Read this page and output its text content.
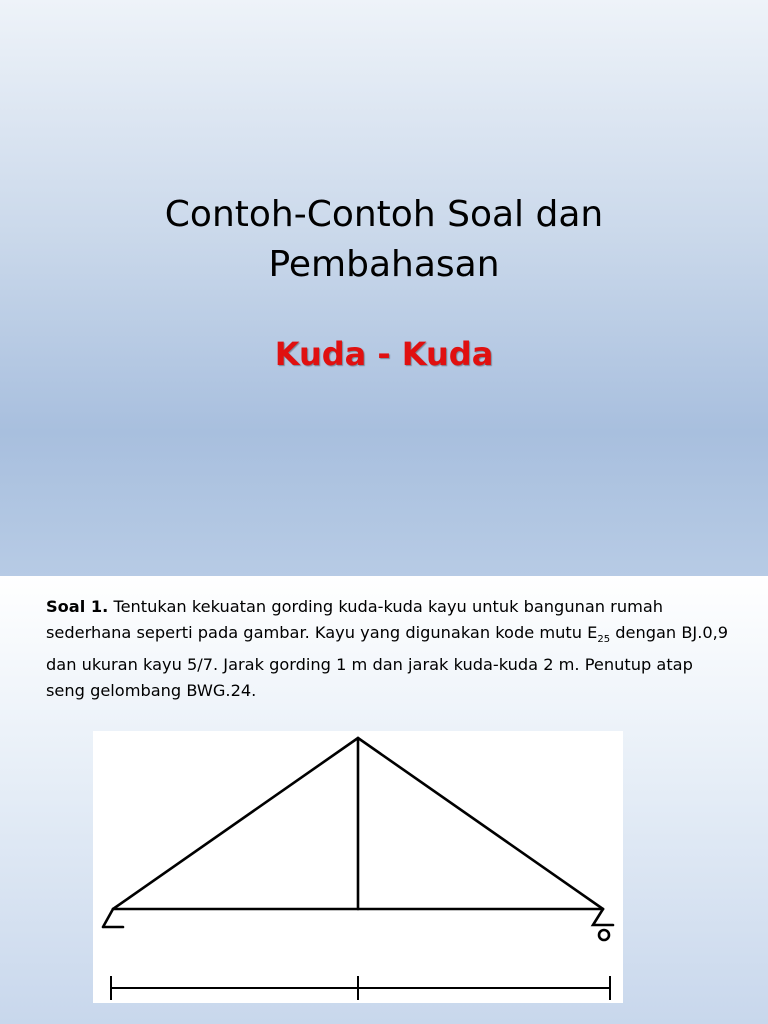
Contoh-Contoh Soal dan
Pembahasan
Kuda - Kuda
Soal 1. Tentukan kekuatan gording kuda-kuda kayu untuk bangunan rumah sederhana seperti pada gambar. Kayu yang digunakan kode mutu $E_{25}$ dengan BJ.0,9 dan ukuran kayu 5/7. Jarak gording 1 m dan jarak kuda-kuda 2 m. Penutup atap seng gelombang BWG.24.
